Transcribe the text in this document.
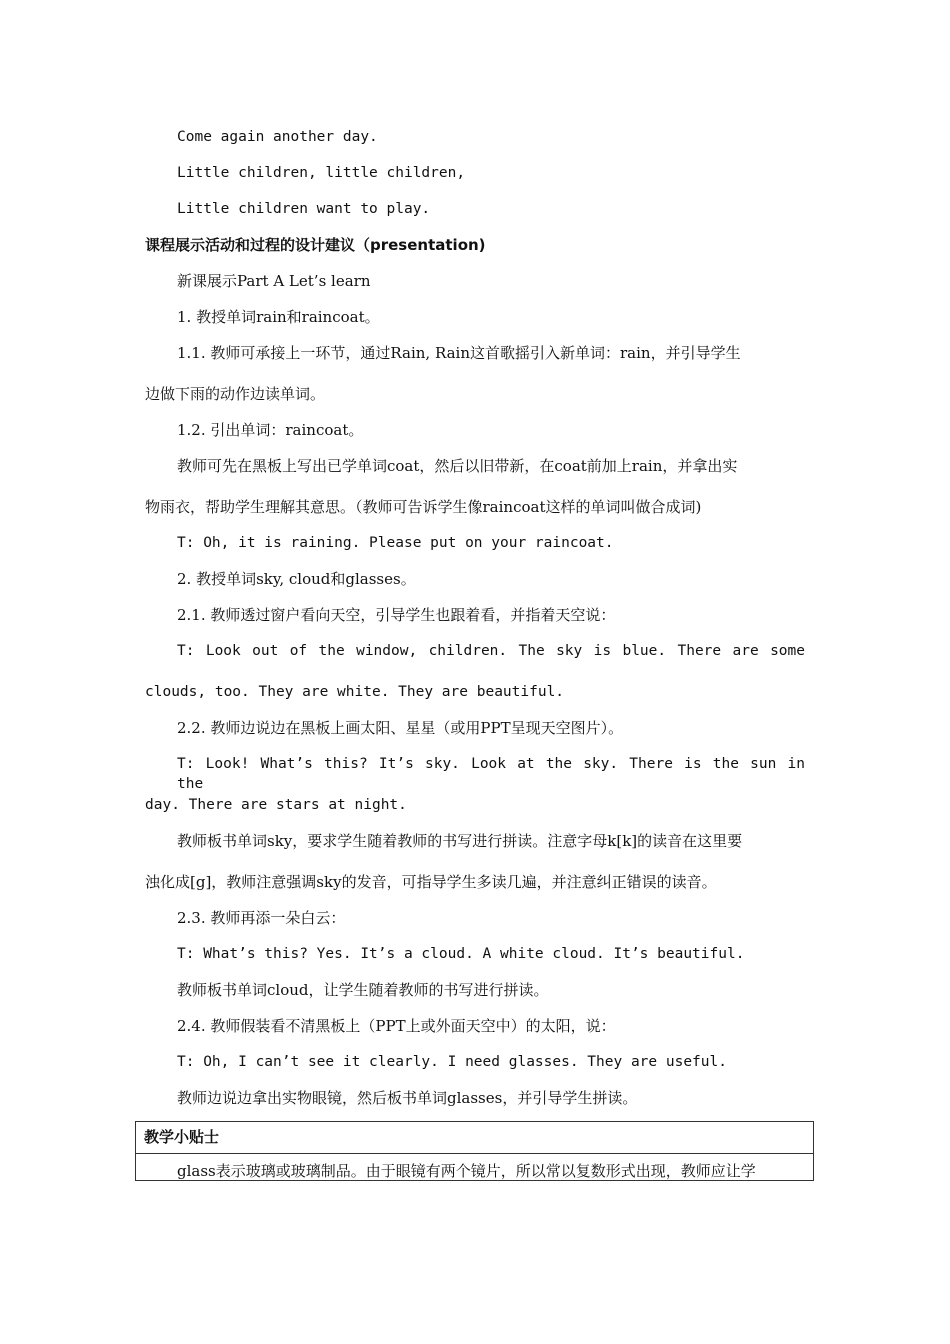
Come again another day.
Little children, little children,
Little children want to play.
课程展示活动和过程的设计建议（presentation)
新课展示Part A Let’s learn
1. 教授单词rain和raincoat。
1.1. 教师可承接上一环节，通过Rain, Rain这首歌摇引入新单词：rain，并引导学生
边做下雨的动作边读单词。
1.2. 引出单词：raincoat。
教师可先在黑板上写出已学单词coat，然后以旧带新，在coat前加上rain，并拿出实
物雨衣，帮助学生理解其意思。（教师可告诉学生像raincoat这样的单词叫做合成词)
T: Oh, it is raining. Please put on your raincoat.
2. 教授单词sky, cloud和glasses。
2.1. 教师透过窗户看向天空，引导学生也跟着看，并指着天空说：
T: Look out of the window, children. The sky is blue. There are some
clouds, too. They are white. They are beautiful.
2.2. 教师边说边在黑板上画太阳、星星（或用PPT呈现天空图片）。
T: Look! What’s this? It’s sky. Look at the sky. There is the sun in the
day. There are stars at night.
教师板书单词sky，要求学生随着教师的书写进行拼读。注意字母k[k]的读音在这里要
浊化成[g]，教师注意强调sky的发音，可指导学生多读几遍，并注意纠正错误的读音。
2.3. 教师再添一朵白云：
T: What’s this? Yes. It’s a cloud. A white cloud. It’s beautiful.
教师板书单词cloud，让学生随着教师的书写进行拼读。
2.4. 教师假装看不清黑板上（PPT上或外面天空中）的太阳，说：
T: Oh, I can’t see it clearly. I need glasses. They are useful.
教师边说边拿出实物眼镜，然后板书单词glasses，并引导学生拼读。
教学小贴士
glass表示玻璃或玻璃制品。由于眼镜有两个镜片，所以常以复数形式出现，教师应让学
